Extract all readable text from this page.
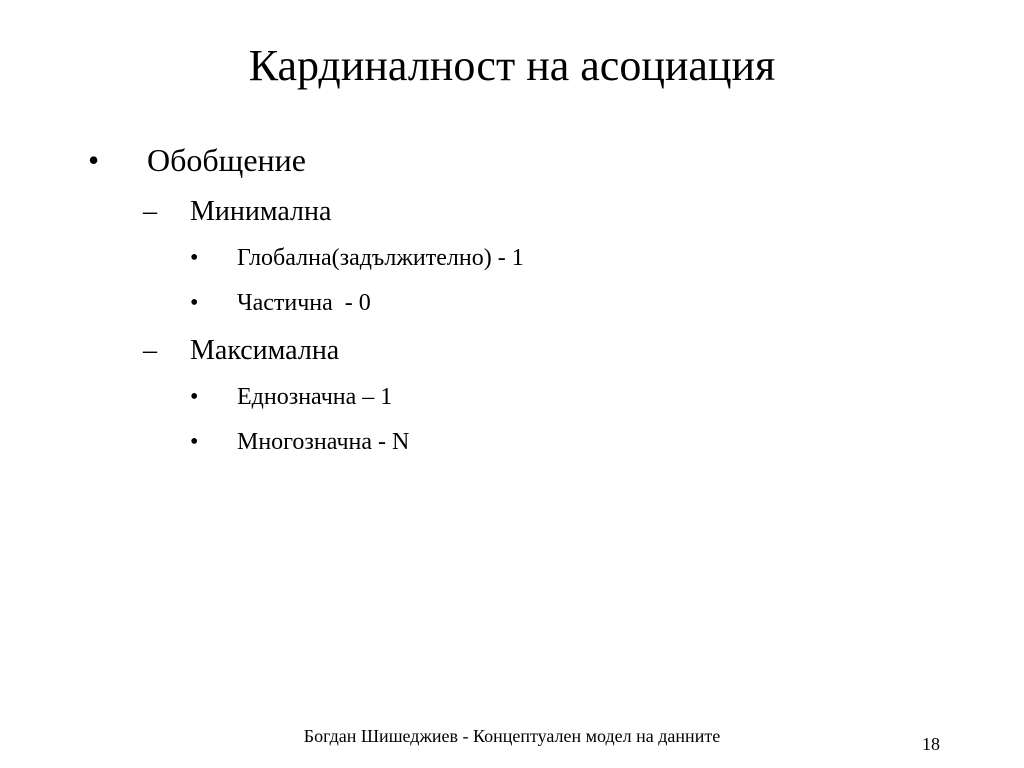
Кардиналност на асоциация
• Обобщение
– Минимална
• Глобална(задължително) - 1
• Частична  - 0
– Максимална
• Еднозначна – 1
• Многозначна - N
Богдан Шишеджиев - Концептуален модел на данните	18
